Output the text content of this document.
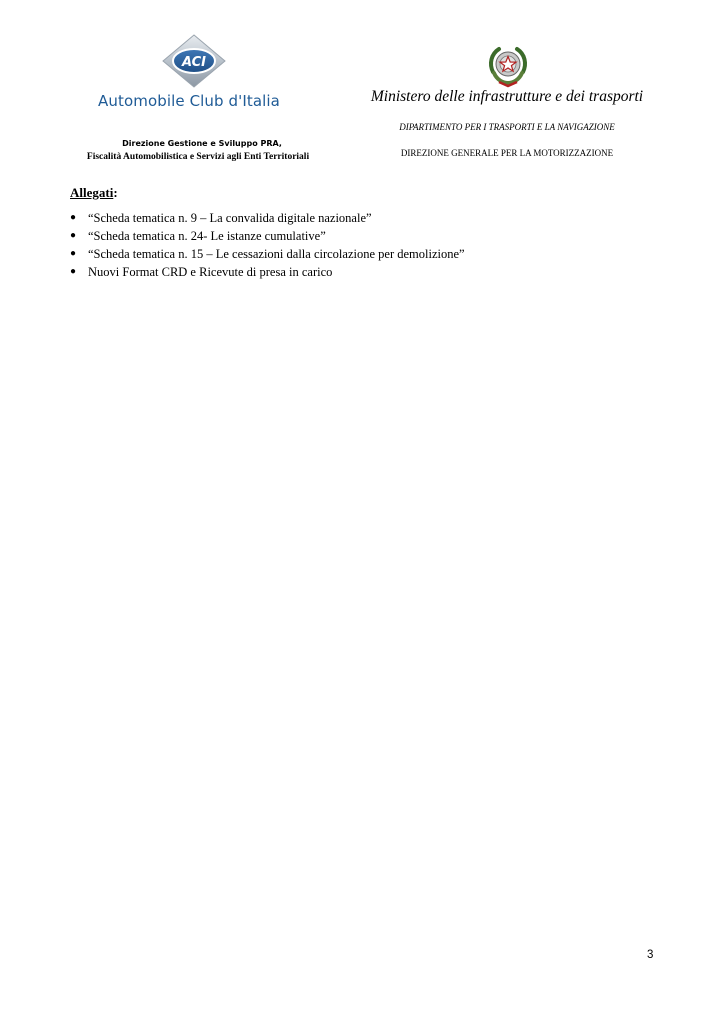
ACI
Automobile Club d'Italia
Direzione Gestione e Sviluppo PRA,
Fiscalità Automobilistica e Servizi agli Enti Territoriali
Ministero delle infrastrutture e dei trasporti
DIPARTIMENTO PER I TRASPORTI E LA NAVIGAZIONE
DIREZIONE GENERALE PER LA MOTORIZZAZIONE
Allegati:
● “Scheda tematica n. 9 – La convalida digitale nazionale”
● “Scheda tematica n. 24- Le istanze cumulative”
● “Scheda tematica n. 15 – Le cessazioni dalla circolazione per demolizione”
● Nuovi Format CRD e Ricevute di presa in carico
3
